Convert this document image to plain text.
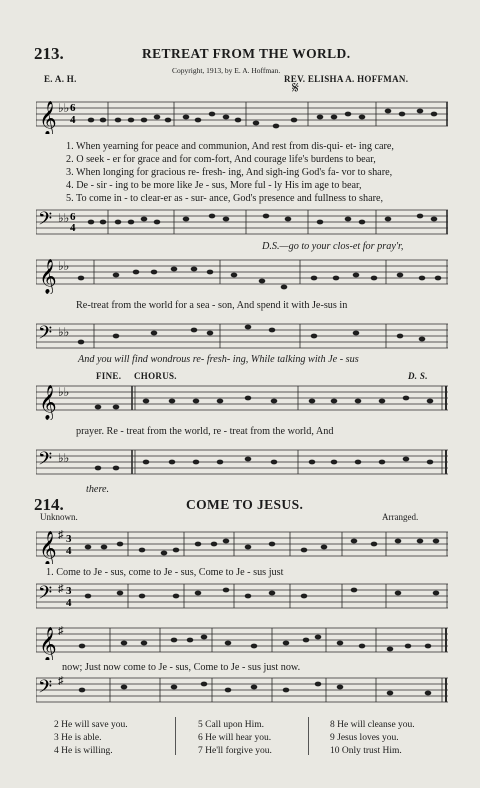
213.	RETREAT FROM THE WORLD.
Copyright, 1913, by E. A. Hoffman.
E. A. H.	REV. ELISHA A. HOFFMAN.
𝄋
𝄞 ♭♭ 6
4
1. When yearning for peace and communion, And rest from dis-qui- et- ing care,
2. O seek - er for grace and for com-fort, And courage life's burdens to bear,
3. When longing for gracious re- fresh- ing, And sigh-ing God's fa- vor to share,
4. De - sir - ing to be more like Je - sus, More ful - ly His im age to bear,
5. To come in - to clear-er as - sur- ance, God's presence and fullness to share,
𝄢 ♭♭ 6
4
D.S.—go to your clos-et for pray'r,
𝄞 ♭♭
Re-treat from the world for a sea - son, And spend it with Je-sus in
𝄢 ♭♭
And you will find wondrous re- fresh- ing, While talking with Je - sus
FINE. CHORUS.	D. S.
𝄞 ♭♭
prayer. Re - treat from the world, re - treat from the world, And
𝄢 ♭♭
there.
214.	COME TO JESUS.
Unknown.	Arranged.
𝄞 ♯ 3
4
1. Come to Je - sus, come to Je - sus, Come to Je - sus just
𝄢 ♯ 3
4
𝄞 ♯
now; Just now come to Je - sus, Come to Je - sus just now.
𝄢 ♯
2 He will save you.
3 He is able.
4 He is willing.
5 Call upon Him.
6 He will hear you.
7 He'll forgive you.
8 He will cleanse you.
9 Jesus loves you.
10 Only trust Him.
